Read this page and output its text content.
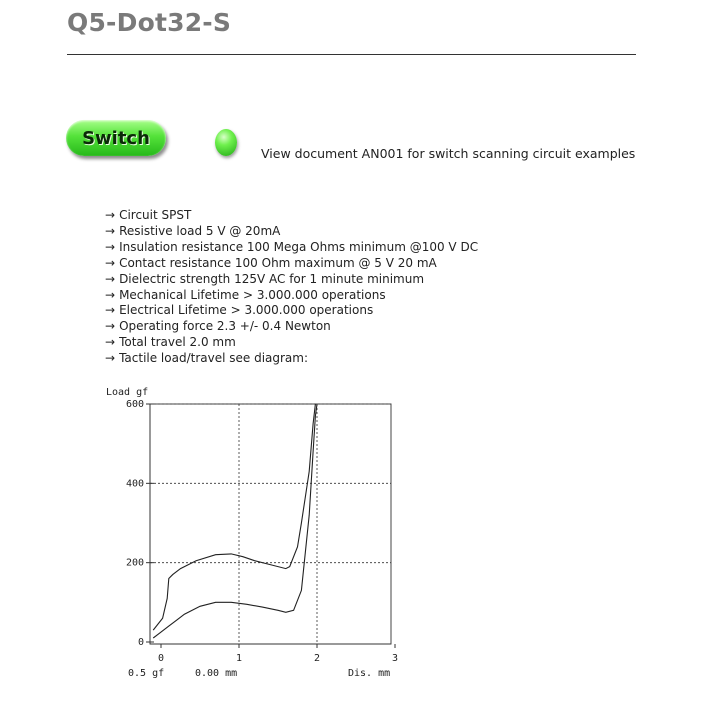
Q5-Dot32-S
Switch
View document AN001 for switch scanning circuit examples
→ Circuit SPST
→ Resistive load 5 V @ 20mA
→ Insulation resistance 100 Mega Ohms minimum @100 V DC
→ Contact resistance 100 Ohm maximum @ 5 V 20 mA
→ Dielectric strength 125V AC for 1 minute minimum
→ Mechanical Lifetime > 3.000.000 operations
→ Electrical Lifetime > 3.000.000 operations
→ Operating force 2.3 +/- 0.4 Newton
→ Total travel 2.0 mm
→ Tactile load/travel see diagram:
0
200
400
600
0	1	2	3
Load gf
Dis. mm
0.5 gf	0.00 mm
